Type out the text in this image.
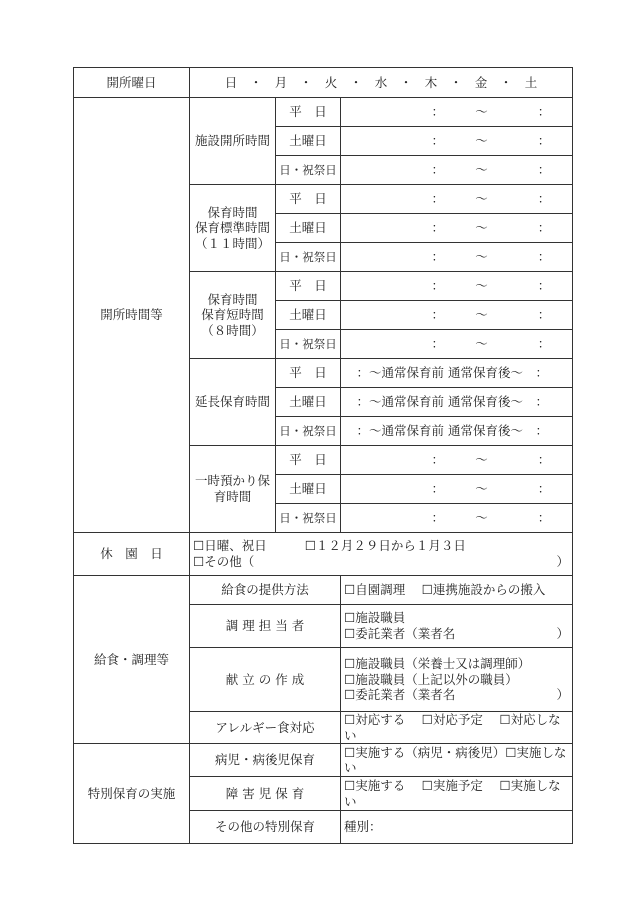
開所曜日	日　・　月　・　火　・　水　・　木　・　金　・　土		
開所時間等	施設開所時間	平　日	　　　　　　　：　　　～　　　　：
		土曜日	　　　　　　　：　　　～　　　　：
		日・祝祭日	　　　　　　　：　　　～　　　　：

	保育時間
保育標準時間
（１１時間）	平　日	　　　　　　　：　　　～　　　　：
		土曜日	　　　　　　　：　　　～　　　　：
		日・祝祭日	　　　　　　　：　　　～　　　　：

	保育時間
保育短時間
（８時間）	平　日	　　　　　　　：　　　～　　　　：
		土曜日	　　　　　　　：　　　～　　　　：
		日・祝祭日	　　　　　　　：　　　～　　　　：
	延長保育時間	平　日	　：～通常保育前 通常保育後～　：
		土曜日	　：～通常保育前 通常保育後～　：
		日・祝祭日	　：～通常保育前 通常保育後～　：

	一時預かり保
育時間	平　日	　　　　　　　：　　　～　　　　：
		土曜日	　　　　　　　：　　　～　　　　：
		日・祝祭日	　　　　　　　：　　　～　　　　：
休　園　日	☐日曜、祝日 ☐１２月２９日から１月３日
☐その他（ ）		

給食・調理等	給食の提供方法		☐自園調理　 ☐連携施設からの搬入
	調 理 担 当 者		☐施設職員
☐委託業者（業者名 ）

	献 立 の 作 成		☐施設職員（栄養士又は調理師）
☐施設職員（上記以外の職員）
☐委託業者（業者名 ）

	アレルギー食対応		☐対応する　 ☐対応予定　 ☐対応しない
特別保育の実施	病児・病後児保育		☐実施する（病児・病後児）☐実施しない
	障 害 児 保 育		☐実施する　 ☐実施予定　 ☐実施しない
	その他の特別保育		種別：
